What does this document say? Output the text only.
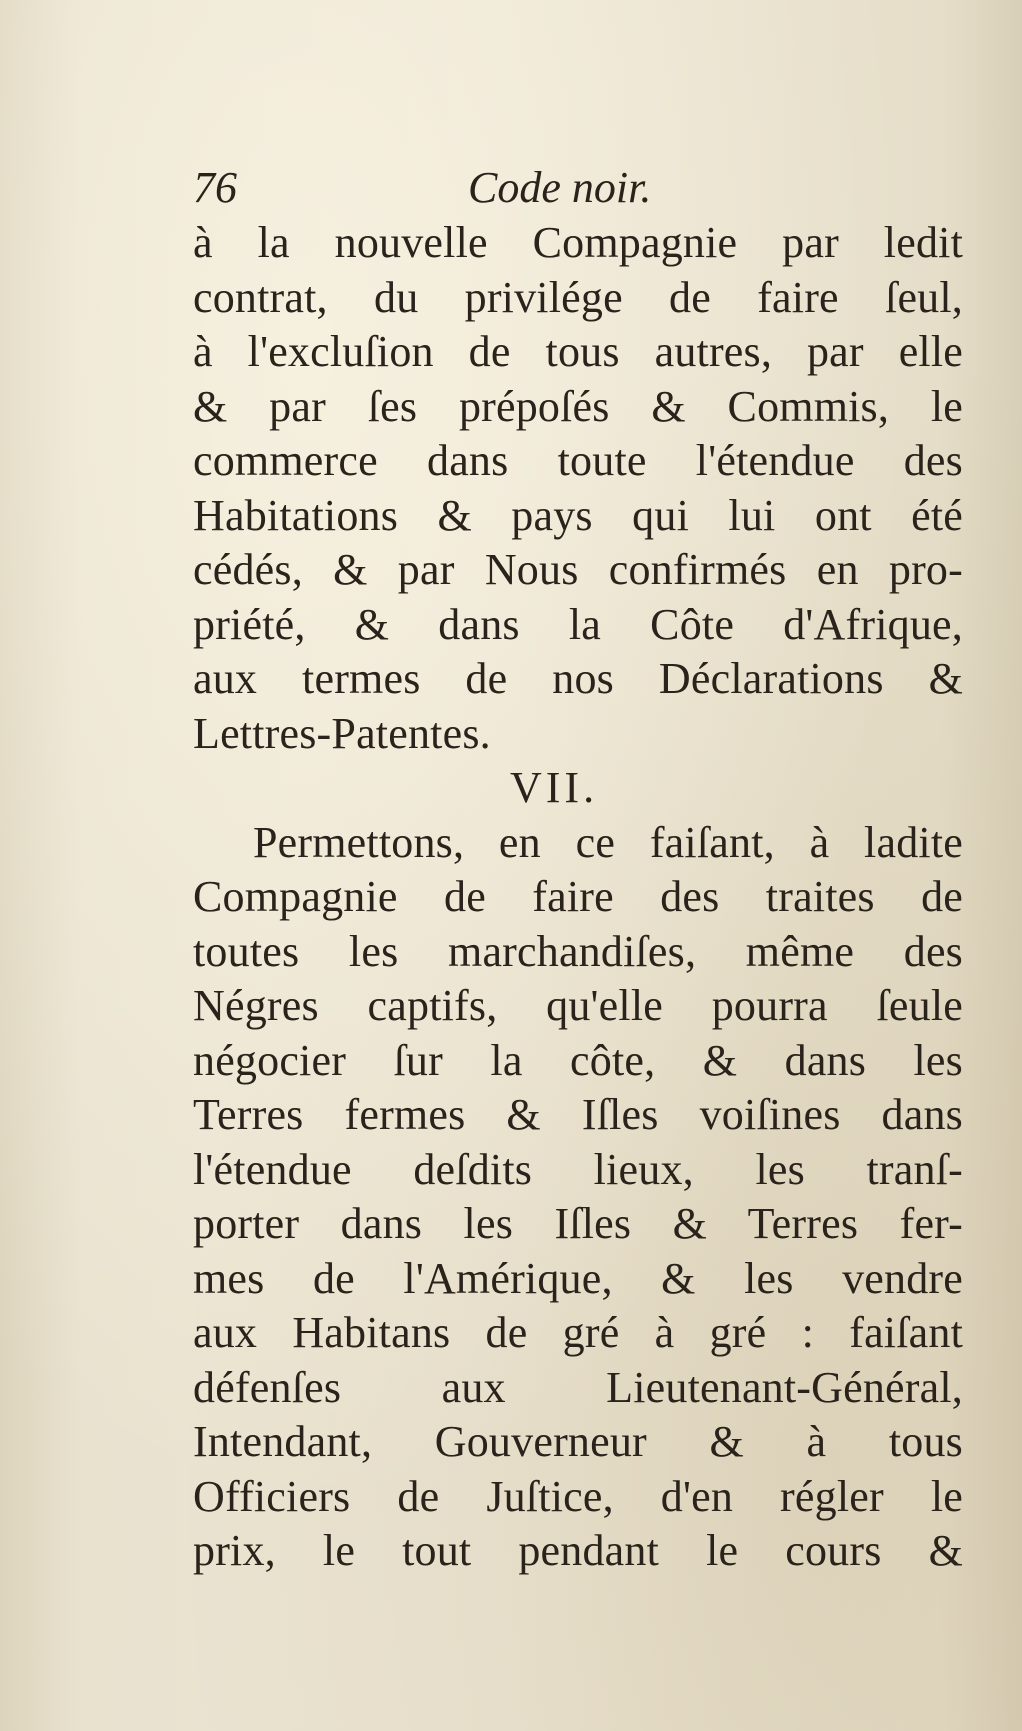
76	Code noir.
à la nouvelle Compagnie par ledit
contrat, du privilége de faire ſeul,
à l'excluſion de tous autres, par elle
& par ſes prépoſés & Commis, le
commerce dans toute l'étendue des
Habitations & pays qui lui ont été
cédés, & par Nous confirmés en pro-
priété, & dans la Côte d'Afrique,
aux termes de nos Déclarations &
Lettres-Patentes.
VII.
Permettons, en ce faiſant, à ladite
Compagnie de faire des traites de
toutes les marchandiſes, même des
Négres captifs, qu'elle pourra ſeule
négocier ſur la côte, & dans les
Terres fermes & Iſles voiſines dans
l'étendue deſdits lieux, les tranſ-
porter dans les Iſles & Terres fer-
mes de l'Amérique, & les vendre
aux Habitans de gré à gré : faiſant
défenſes aux Lieutenant-Général,
Intendant, Gouverneur & à tous
Officiers de Juſtice, d'en régler le
prix, le tout pendant le cours &
